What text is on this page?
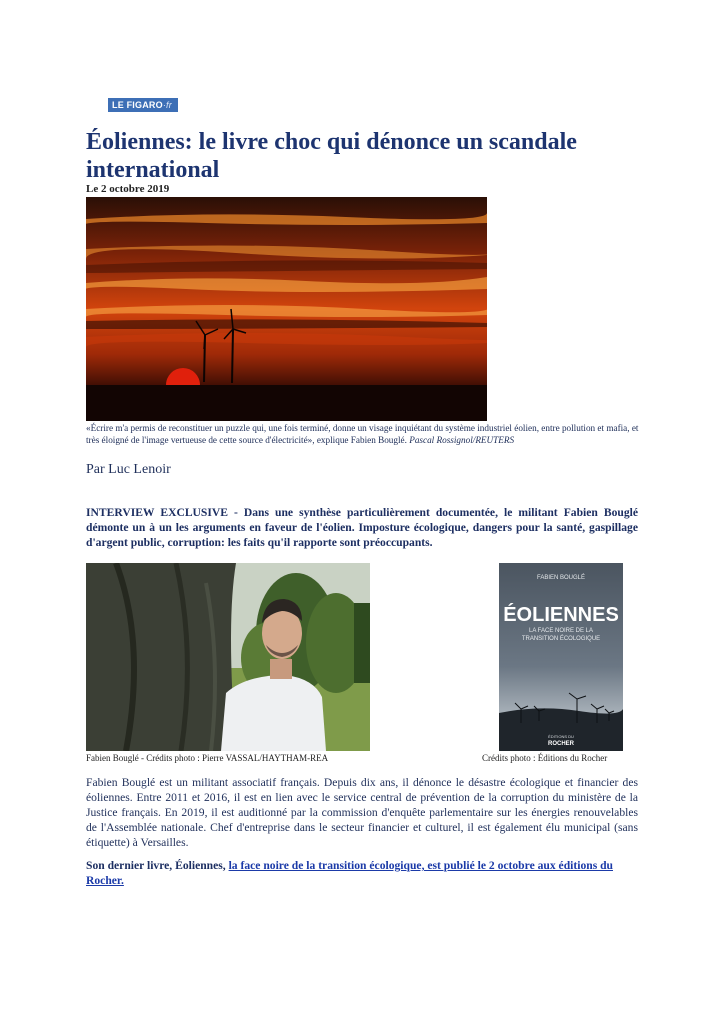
LE FIGARO·fr
Éoliennes: le livre choc qui dénonce un scandale international
Le 2 octobre 2019
«Écrire m'a permis de reconstituer un puzzle qui, une fois terminé, donne un visage inquiétant du système industriel éolien, entre pollution et mafia, et très éloigné de l'image vertueuse de cette source d'électricité», explique Fabien Bouglé. Pascal Rossignol/REUTERS
Par Luc Lenoir
INTERVIEW EXCLUSIVE - Dans une synthèse particulièrement documentée, le militant Fabien Bouglé démonte un à un les arguments en faveur de l'éolien. Imposture écologique, dangers pour la santé, gaspillage d'argent public, corruption: les faits qu'il rapporte sont préoccupants.
FABIEN BOUGLÉ
ÉOLIENNES
LA FACE NOIRE DE LA TRANSITION ÉCOLOGIQUE
ÉDITIONS DU
ROCHER
Fabien Bouglé - Crédits photo : Pierre VASSAL/HAYTHAM-REA	Crédits photo : Éditions du Rocher
Fabien Bouglé est un militant associatif français. Depuis dix ans, il dénonce le désastre écologique et financier des éoliennes. Entre 2011 et 2016, il est en lien avec le service central de prévention de la corruption du ministère de la Justice français. En 2019, il est auditionné par la commission d'enquête parlementaire sur les énergies renouvelables de l'Assemblée nationale. Chef d'entreprise dans le secteur financier et culturel, il est également élu municipal (sans étiquette) à Versailles.
Son dernier livre, Éoliennes, la face noire de la transition écologique, est publié le 2 octobre aux éditions du Rocher.
